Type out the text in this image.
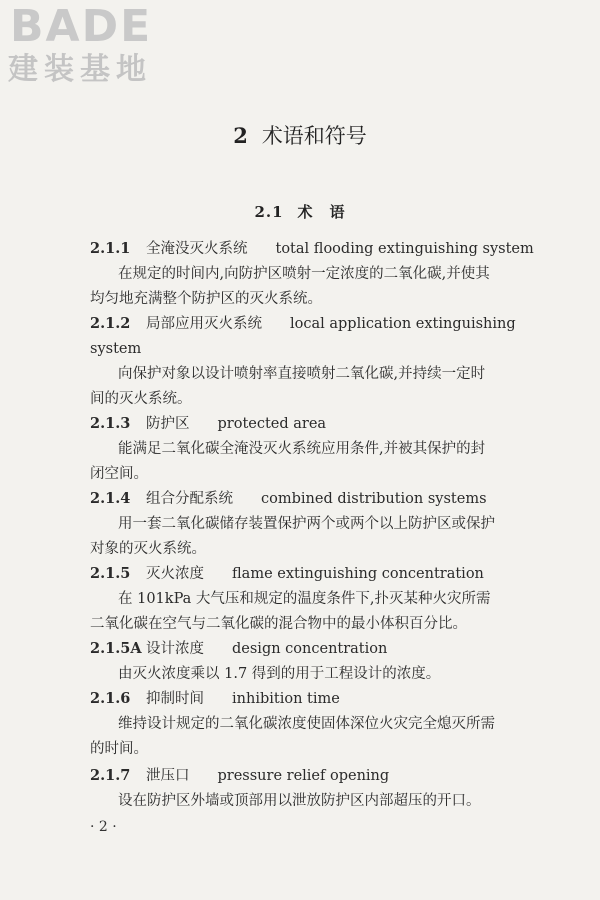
BADE
建装基地
2 术语和符号
2.1 术　语
2.1.1 全淹没灭火系统 total flooding extinguishing system
在规定的时间内,向防护区喷射一定浓度的二氧化碳,并使其
均匀地充满整个防护区的灭火系统。
2.1.2 局部应用灭火系统 local application extinguishing
system
向保护对象以设计喷射率直接喷射二氧化碳,并持续一定时
间的灭火系统。
2.1.3 防护区 protected area
能满足二氧化碳全淹没灭火系统应用条件,并被其保护的封
闭空间。
2.1.4 组合分配系统 combined distribution systems
用一套二氧化碳储存装置保护两个或两个以上防护区或保护
对象的灭火系统。
2.1.5 灭火浓度 flame extinguishing concentration
在 101kPa 大气压和规定的温度条件下,扑灭某种火灾所需
二氧化碳在空气与二氧化碳的混合物中的最小体积百分比。
2.1.5A 设计浓度 design concentration
由灭火浓度乘以 1.7 得到的用于工程设计的浓度。
2.1.6 抑制时间 inhibition time
维持设计规定的二氧化碳浓度使固体深位火灾完全熄灭所需
的时间。
2.1.7 泄压口 pressure relief opening
设在防护区外墙或顶部用以泄放防护区内部超压的开口。
· 2 ·
